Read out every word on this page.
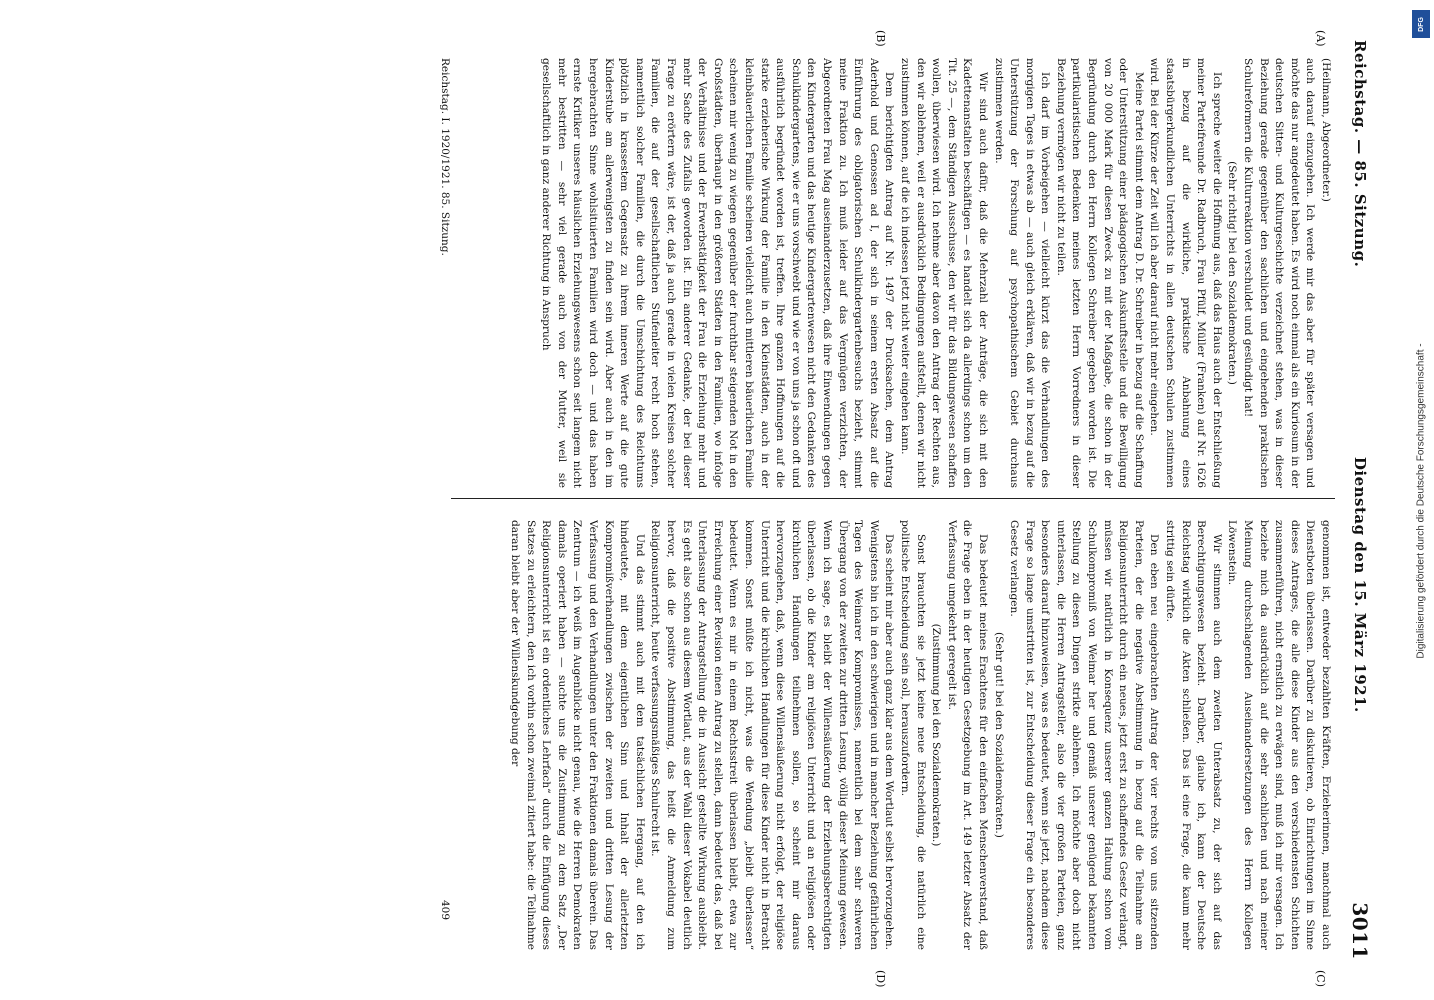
Reichstag. — 85. Sitzung.
Dienstag den 15. März 1921.
3011
(A)
(B)
(C)
(D)

(Heilmann, Abgeordneter.)

auch darauf einzugehen. Ich werde mir das aber für später versagen und möchte das nur angedeutet haben. Es wird noch einmal als ein Kuriosum in der deutschen Sitten- und Kulturgeschichte verzeichnet stehen, was in dieser Beziehung gerade gegenüber den sachlichen und eingehenden praktischen Schulreformern die Kulturreaktion verschuldet und gesündigt hat!

(Sehr richtig! bei den Sozialdemokraten.)

Ich spreche weiter die Hoffnung aus, daß das Haus auch der Entschließung meiner Parteifreunde Dr. Radbruch, Frau Pfülf, Müller (Franken) auf Nr. 1626 in bezug auf die wirkliche, praktische Anbahnung eines staatsbürgerkundlichen Unterrichts in allen deutschen Schulen zustimmen wird. Bei der Kürze der Zeit will ich aber darauf nicht mehr eingehen.

Meine Partei stimmt dem Antrag D. Dr. Schreiber in bezug auf die Schaffung oder Unterstützung einer pädagogischen Auskunftsstelle und die Bewilligung von 20 000 Mark für diesen Zweck zu mit der Maßgabe, die schon in der Begründung durch den Herrn Kollegen Schreiber gegeben worden ist. Die partikularistischen Bedenken meines letzten Herrn Vorredners in dieser Beziehung vermögen wir nicht zu teilen.

Ich darf im Vorbeigehen — vielleicht kürzt das die Verhandlungen des morgigen Tages in etwas ab — auch gleich erklären, daß wir in bezug auf die Unterstützung der Forschung auf psychopathischem Gebiet durchaus zustimmen werden.

Wir sind auch dafür, daß die Mehrzahl der Anträge, die sich mit den Kadettenanstalten beschäftigen — es handelt sich da allerdings schon um den Tit. 25 —, dem Ständigen Ausschusse, den wir für das Bildungswesen schaffen wollen, überwiesen wird. Ich nehme aber davon den Antrag der Rechten aus, den wir ablehnen, weil er ausdrücklich Bedingungen aufstellt, denen wir nicht zustimmen können, auf die ich indessen jetzt nicht weiter eingehen kann.

Dem berichtigten Antrag auf Nr. 1497 der Drucksachen, dem Antrag Aderhold und Genossen ad I, der sich in seinem ersten Absatz auf die Einführung des obligatorischen Schulkindergartenbesuchs bezieht, stimmt meine Fraktion zu. Ich muß leider auf das Vergnügen verzichten, der Abgeordneten Frau Mag auseinanderzusetzen, daß ihre Einwendungen gegen den Kindergarten und das heutige Kindergartenwesen nicht den Gedanken des Schulkindergartens, wie er uns vorschwebt und wie er von uns ja schon oft und ausführlich begründet worden ist, treffen. Ihre ganzen Hoffnungen auf die starke erzieherische Wirkung der Familie in den Kleinstädten, auch in der kleinbäuerlichen Familie scheinen vielleicht auch mittleren bäuerlichen Familie scheinen mir wenig zu wiegen gegenüber der furchtbar steigenden Not in den Großstädten, überhaupt in den größeren Städten in den Familien, wo infolge der Verhältnisse und der Erwerbstätigkeit der Frau die Erziehung mehr und mehr Sache des Zufalls geworden ist. Ein anderer Gedanke, der bei dieser Frage zu erörtern wäre, ist der, daß ja auch gerade in vielen Kreisen solcher Familien, die auf der gesellschaftlichen Stufenleiter recht hoch stehen, namentlich solcher Familien, die durch die Umschichtung des Reichtums plötzlich in krassestem Gegensatz zu ihrem inneren Werte auf die gute Kinderstube am allerwenigsten zu finden sein wird. Aber auch in den im hergebrachten Sinne wohlsituierten Familien wird doch — und das haben ernste Kritiker unseres häuslichen Erziehungswesens schon seit langem nicht mehr bestritten — sehr viel gerade auch von der Mutter, weil sie gesellschaftlich in ganz anderer Richtung in Anspruch

genommen ist, entweder bezahlten Kräften, Erzieherinnen, manchmal auch Dienstboten überlassen. Darüber zu diskutieren, ob Einrichtungen im Sinne dieses Antrages, die alle diese Kinder aus den verschiedensten Schichten zusammenführen, nicht ernstlich zu erwägen sind, muß ich mir versagen. Ich beziehe mich da ausdrücklich auf die sehr sachlichen und nach meiner Meinung durchschlagenden Auseinandersetzungen des Herrn Kollegen Löwenstein.

Wir stimmen auch dem zweiten Unterabsatz zu, der sich auf das Berechtigungswesen bezieht. Darüber, glaube ich, kann der Deutsche Reichstag wirklich die Akten schließen. Das ist eine Frage, die kaum mehr strittig sein dürfte.

Den eben neu eingebrachten Antrag der vier rechts von uns sitzenden Parteien, der die negative Abstimmung in bezug auf die Teilnahme am Religionsunterricht durch ein neues, jetzt erst zu schaffendes Gesetz verlangt, müssen wir natürlich in Konsequenz unserer ganzen Haltung schon vom Schulkompromiß von Weimar her und gemäß unserer genügend bekannten Stellung zu diesen Dingen strikte ablehnen. Ich möchte aber doch nicht unterlassen, die Herren Antragsteller, also die vier großen Parteien, ganz besonders darauf hinzuweisen, was es bedeutet, wenn sie jetzt, nachdem diese Frage so lange umstritten ist, zur Entscheidung dieser Frage ein besonderes Gesetz verlangen.

(Sehr gut! bei den Sozialdemokraten.)

Das bedeutet meines Erachtens für den einfachen Menschenverstand, daß die Frage eben in der heutigen Gesetzgebung im Art. 149 letzter Absatz der Verfassung umgekehrt geregelt ist.

(Zustimmung bei den Sozialdemokraten.)

Sonst brauchten sie jetzt keine neue Entscheidung, die natürlich eine politische Entscheidung sein soll, herauszufordern.

Das scheint mir aber auch ganz klar aus dem Wortlaut selbst hervorzugehen. Wenigstens bin ich in den schwierigen und in mancher Beziehung gefährlichen Tagen des Weimarer Kompromisses, namentlich bei dem sehr schweren Übergang von der zweiten zur dritten Lesung, völlig dieser Meinung gewesen. Wenn ich sage, es bleibt der Willensäußerung der Erziehungsberechtigten überlassen, ob die Kinder am religiösen Unterricht und an religiösen oder kirchlichen Handlungen teilnehmen sollen, so scheint mir daraus hervorzugehen, daß, wenn diese Willensäußerung nicht erfolgt, der religiöse Unterricht und die kirchlichen Handlungen für diese Kinder nicht in Betracht kommen. Sonst müßte ich nicht, was die Wendung „bleibt überlassen“ bedeutet. Wenn es mir in einem Rechtsstreit überlassen bleibt, etwa zur Erreichung einer Revision einen Antrag zu stellen, dann bedeutet das, daß bei Unterlassung der Antragstellung die in Aussicht gestellte Wirkung ausbleibt. Es geht also schon aus diesem Wortlaut, aus der Wahl dieser Vokabel deutlich hervor, daß die positive Abstimmung, das heißt die Anmeldung zum Religionsunterricht, heute verfassungsmäßiges Schulrecht ist.

Und das stimmt auch mit dem tatsächlichen Hergang, auf den ich hindeutete, mit dem eigentlichen Sinn und Inhalt der allerletzten Kompromißverhandlungen zwischen der zweiten und dritten Lesung der Verfassung und den Verhandlungen unter den Fraktionen damals überein. Das Zentrum — ich weiß im Augenblicke nicht genau, wie die Herren Demokraten damals operiert haben — suchte uns die Zustimmung zu dem Satz „Der Religionsunterricht ist ein ordentliches Lehrfach“ durch die Einfügung dieses Satzes zu erleichtern, den ich vorhin schon zweimal zitiert habe: die Teilnahme daran bleibt aber der Willenskundgebung der

Reichstag. I. 1920/1921. 85. Sitzung.
409
DFG
Digitalisierung gefördert durch die Deutsche Forschungsgemeinschaft -
